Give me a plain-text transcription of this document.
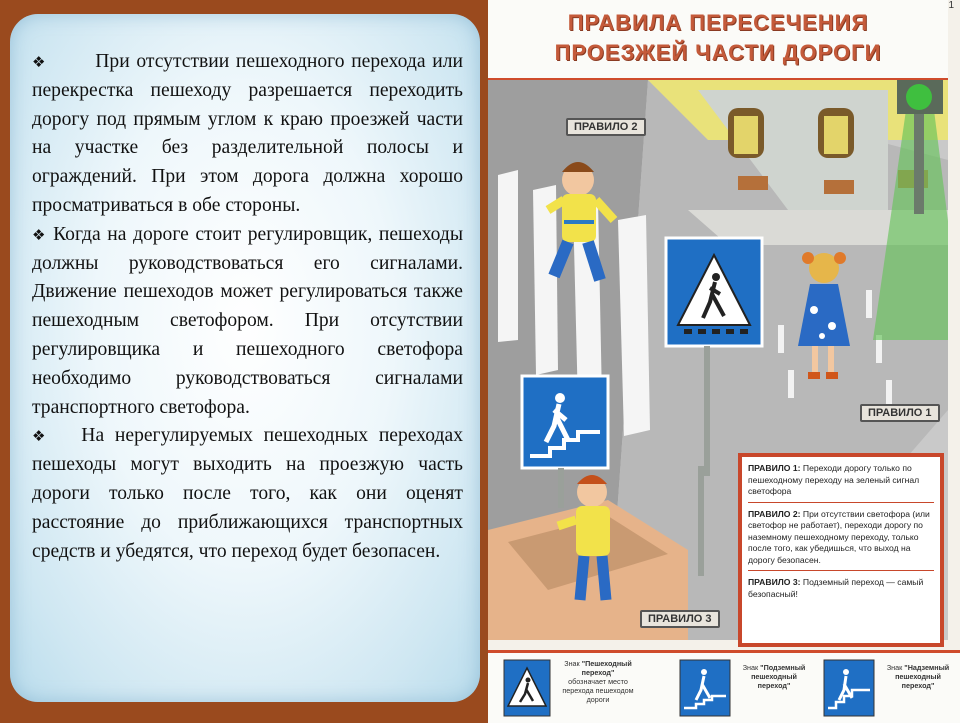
❖ При отсутствии пешеходного перехода или перекрестка пешеходу разрешается переходить дорогу под прямым углом к краю проезжей части на участке без разделительной полосы и ограждений. При этом дорога должна хорошо просматриваться в обе стороны.

❖ Когда на дороге стоит регулировщик, пешеходы должны руководствоваться его сигналами. Движение пешеходов может регулироваться также пешеходным светофором. При отсутствии регулировщика и пешеходного светофора необходимо руководствоваться сигналами транспортного светофора.

❖ На нерегулируемых пешеходных переходах пешеходы могут выходить на проезжую часть дороги только после того, как они оценят расстояние до приближающихся транспортных средств и убедятся, что переход будет безопасен.

ПРАВИЛА ПЕРЕСЕЧЕНИЯ
ПРОЕЗЖЕЙ ЧАСТИ ДОРОГИ
1
ПРАВИЛО 2
ПРАВИЛО 1
ПРАВИЛО 3

ПРАВИЛО 1: Переходи дорогу только по пешеходному переходу на зеленый сигнал светофора

ПРАВИЛО 2: При отсутствии светофора (или светофор не работает), переходи дорогу по наземному пешеходному переходу, только после того, как убедишься, что выход на дорогу безопасен.

ПРАВИЛО 3: Подземный переход — самый безопасный!

Знак "Пешеходный переход"
обозначает место перехода пешеходом дороги
Знак "Подземный пешеходный переход"
Знак "Надземный пешеходный переход"
